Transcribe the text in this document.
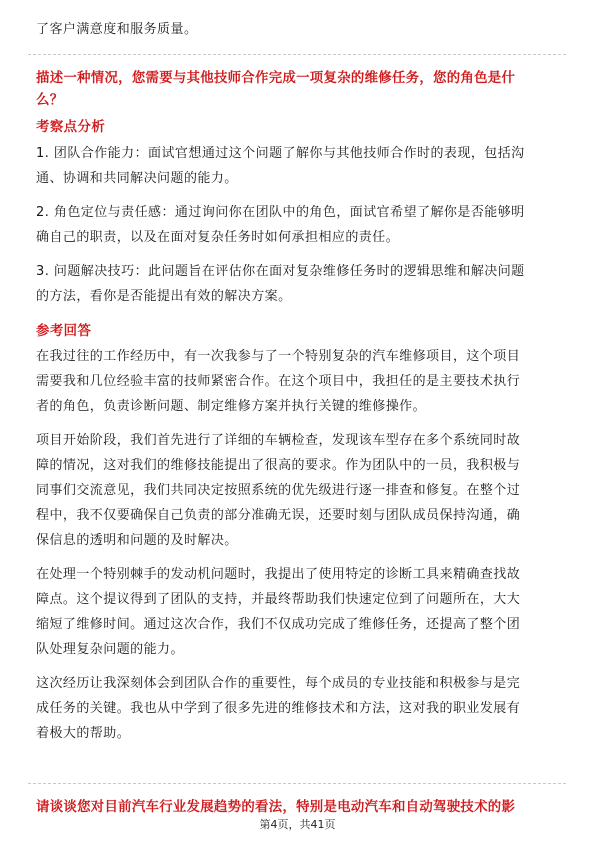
了客户满意度和服务质量。
描述一种情况，您需要与其他技师合作完成一项复杂的维修任务，您的角色是什
么？
考察点分析
1. 团队合作能力：面试官想通过这个问题了解你与其他技师合作时的表现，包括沟
通、协调和共同解决问题的能力。
2. 角色定位与责任感：通过询问你在团队中的角色，面试官希望了解你是否能够明
确自己的职责，以及在面对复杂任务时如何承担相应的责任。
3. 问题解决技巧：此问题旨在评估你在面对复杂维修任务时的逻辑思维和解决问题
的方法，看你是否能提出有效的解决方案。
参考回答
在我过往的工作经历中，有一次我参与了一个特别复杂的汽车维修项目，这个项目
需要我和几位经验丰富的技师紧密合作。在这个项目中，我担任的是主要技术执行
者的角色，负责诊断问题、制定维修方案并执行关键的维修操作。
项目开始阶段，我们首先进行了详细的车辆检查，发现该车型存在多个系统同时故
障的情况，这对我们的维修技能提出了很高的要求。作为团队中的一员，我积极与
同事们交流意见，我们共同决定按照系统的优先级进行逐一排查和修复。在整个过
程中，我不仅要确保自己负责的部分准确无误，还要时刻与团队成员保持沟通，确
保信息的透明和问题的及时解决。
在处理一个特别棘手的发动机问题时，我提出了使用特定的诊断工具来精确查找故
障点。这个提议得到了团队的支持，并最终帮助我们快速定位到了问题所在，大大
缩短了维修时间。通过这次合作，我们不仅成功完成了维修任务，还提高了整个团
队处理复杂问题的能力。
这次经历让我深刻体会到团队合作的重要性，每个成员的专业技能和积极参与是完
成任务的关键。我也从中学到了很多先进的维修技术和方法，这对我的职业发展有
着极大的帮助。
请谈谈您对目前汽车行业发展趋势的看法，特别是电动汽车和自动驾驶技术的影
第4页，共41页
